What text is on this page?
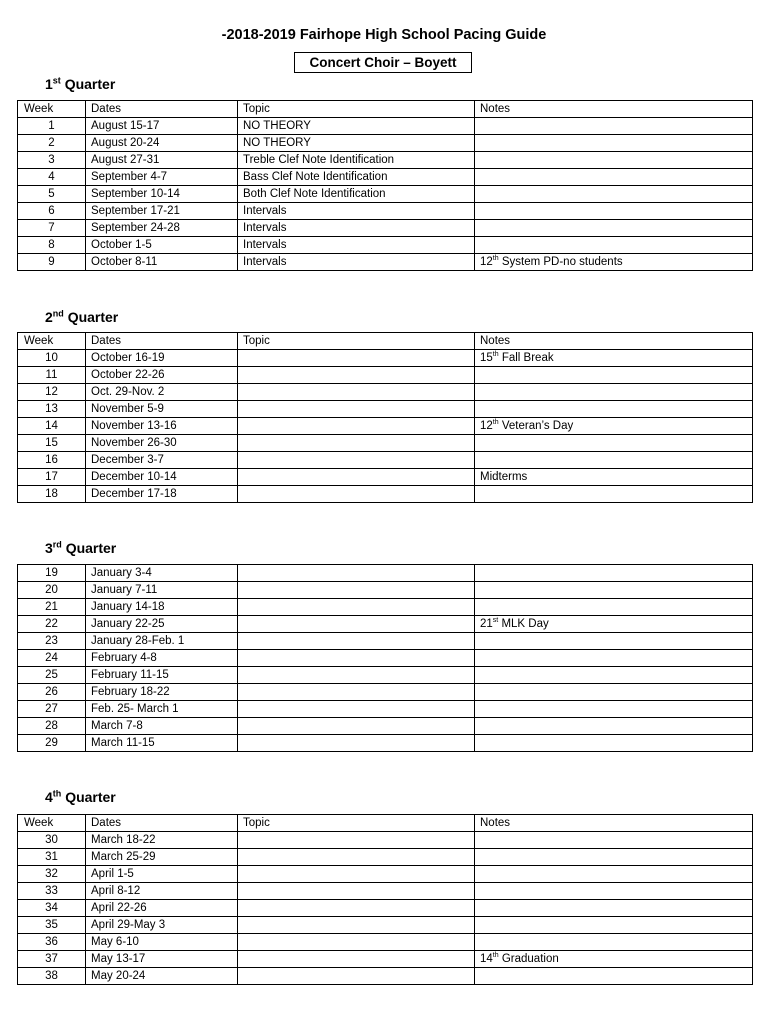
-2018-2019 Fairhope High School Pacing Guide
Concert Choir – Boyett
1st Quarter
Week	Dates	Topic	Notes
1	August 15-17	NO THEORY	
2	August 20-24	NO THEORY	
3	August 27-31	Treble Clef Note Identification	
4	September 4-7	Bass Clef Note Identification	
5	September 10-14	Both Clef Note Identification	
6	September 17-21	Intervals	
7	September 24-28	Intervals	
8	October 1-5	Intervals	
9	October 8-11	Intervals	12th System PD-no students
2nd Quarter
Week	Dates	Topic	Notes
10	October 16-19		15th Fall Break
11	October 22-26		
12	Oct. 29-Nov. 2		
13	November 5-9		
14	November 13-16		12th Veteran’s Day
15	November 26-30		
16	December 3-7		
17	December 10-14		Midterms
18	December 17-18		
3rd Quarter
19	January 3-4		
20	January 7-11		
21	January 14-18		
22	January 22-25		21st MLK Day
23	January 28-Feb. 1		
24	February 4-8		
25	February 11-15		
26	February 18-22		
27	Feb. 25- March 1		
28	March 7-8		
29	March 11-15		
4th Quarter
Week	Dates	Topic	Notes
30	March 18-22		
31	March 25-29		
32	April 1-5		
33	April 8-12		
34	April 22-26		
35	April 29-May 3		
36	May 6-10		
37	May 13-17		14th Graduation
38	May 20-24		
